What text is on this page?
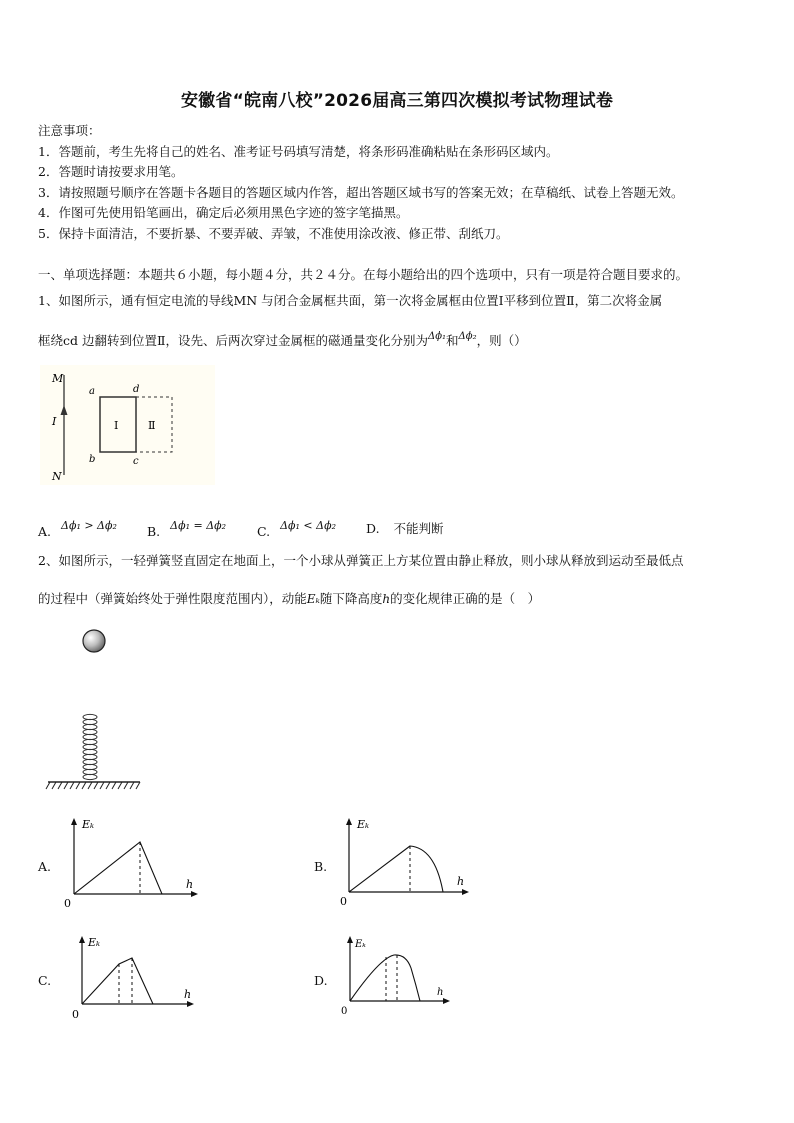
安徽省“皖南八校”2026届高三第四次模拟考试物理试卷
注意事项：
1．答题前，考生先将自己的姓名、准考证号码填写清楚，将条形码准确粘贴在条形码区域内。
2．答题时请按要求用笔。
3．请按照题号顺序在答题卡各题目的答题区域内作答，超出答题区域书写的答案无效；在草稿纸、试卷上答题无效。
4．作图可先使用铅笔画出，确定后必须用黑色字迹的签字笔描黑。
5．保持卡面清洁，不要折暴、不要弄破、弄皱，不准使用涂改液、修正带、刮纸刀。
一、单项选择题：本题共６小题，每小题４分，共２４分。在每小题给出的四个选项中，只有一项是符合题目要求的。
1、如图所示，通有恒定电流的导线MN 与闭合金属框共面，第一次将金属框由位置Ⅰ平移到位置Ⅱ，第二次将金属
框绕cd 边翻转到位置Ⅱ，设先、后两次穿过金属框的磁通量变化分别为$^{\Delta\phi_1}$和$^{\Delta\phi_2}$，则（）
M
I
N
a	d
b	c
Ⅰ	Ⅱ
A. Δϕ₁ > Δϕ₂ B. Δϕ₁ = Δϕ₂ C. Δϕ₁ < Δϕ₂ D. 不能判断
2、如图所示，一轻弹簧竖直固定在地面上，一个小球从弹簧正上方某位置由静止释放，则小球从释放到运动至最低点
的过程中（弹簧始终处于弹性限度范围内），动能Eₖ随下降高度h的变化规律正确的是（　）
A.
Eₖ
h
0
B.
Eₖ
h
0
C.
Eₖ
h
0
D.
Eₖ
h
0
